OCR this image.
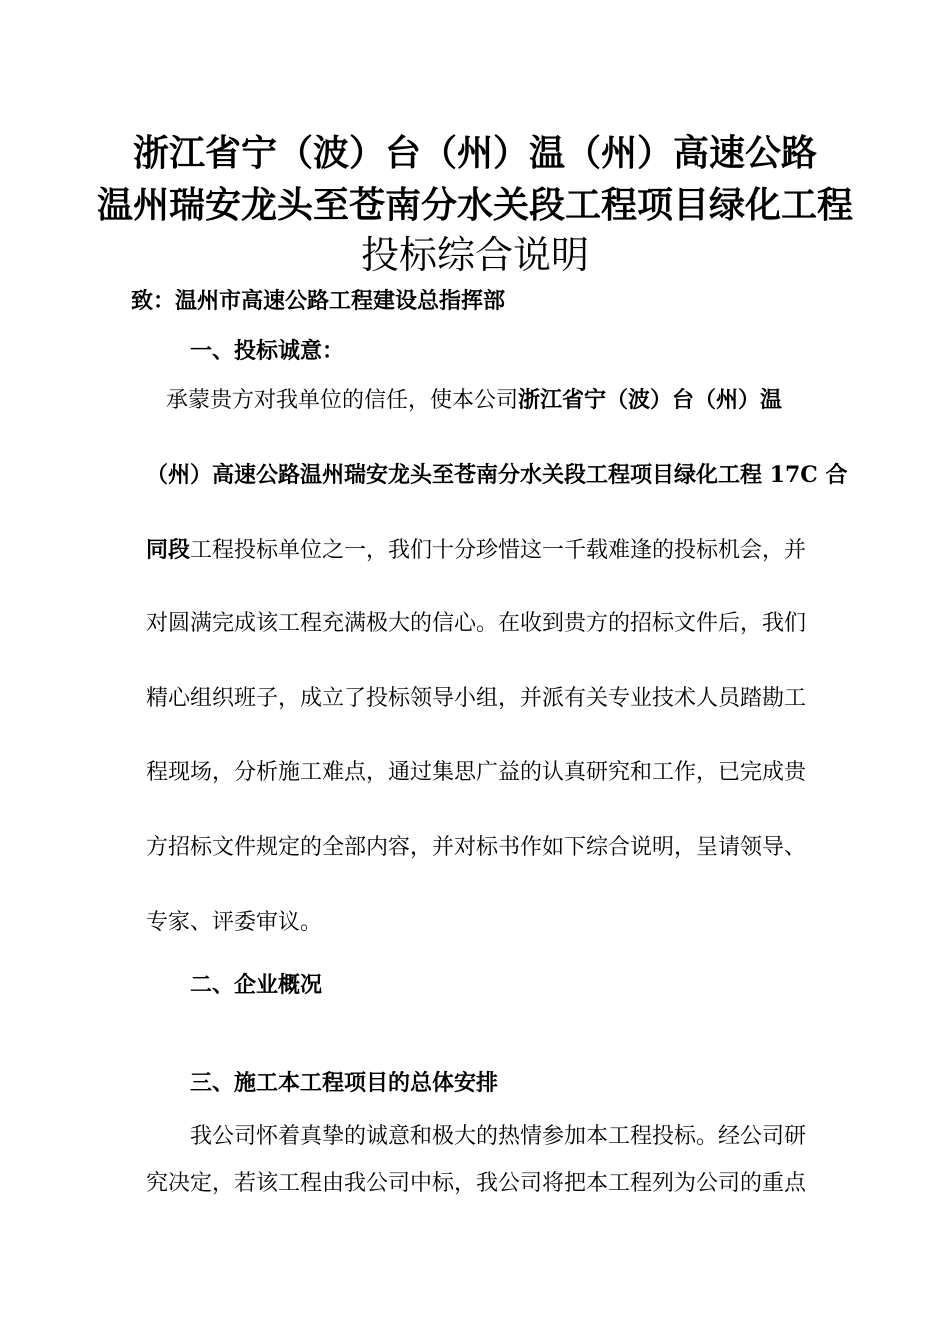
浙江省宁（波）台（州）温（州）高速公路
温州瑞安龙头至苍南分水关段工程项目绿化工程
投标综合说明
致：温州市高速公路工程建设总指挥部
一、投标诚意：
承蒙贵方对我单位的信任，使本公司浙江省宁（波）台（州）温
（州）高速公路温州瑞安龙头至苍南分水关段工程项目绿化工程 17C 合
同段工程投标单位之一，我们十分珍惜这一千载难逢的投标机会，并
对圆满完成该工程充满极大的信心。在收到贵方的招标文件后，我们
精心组织班子，成立了投标领导小组，并派有关专业技术人员踏勘工
程现场，分析施工难点，通过集思广益的认真研究和工作，已完成贵
方招标文件规定的全部内容，并对标书作如下综合说明，呈请领导、
专家、评委审议。
二、企业概况
三、施工本工程项目的总体安排
我公司怀着真挚的诚意和极大的热情参加本工程投标。经公司研
究决定，若该工程由我公司中标，我公司将把本工程列为公司的重点
